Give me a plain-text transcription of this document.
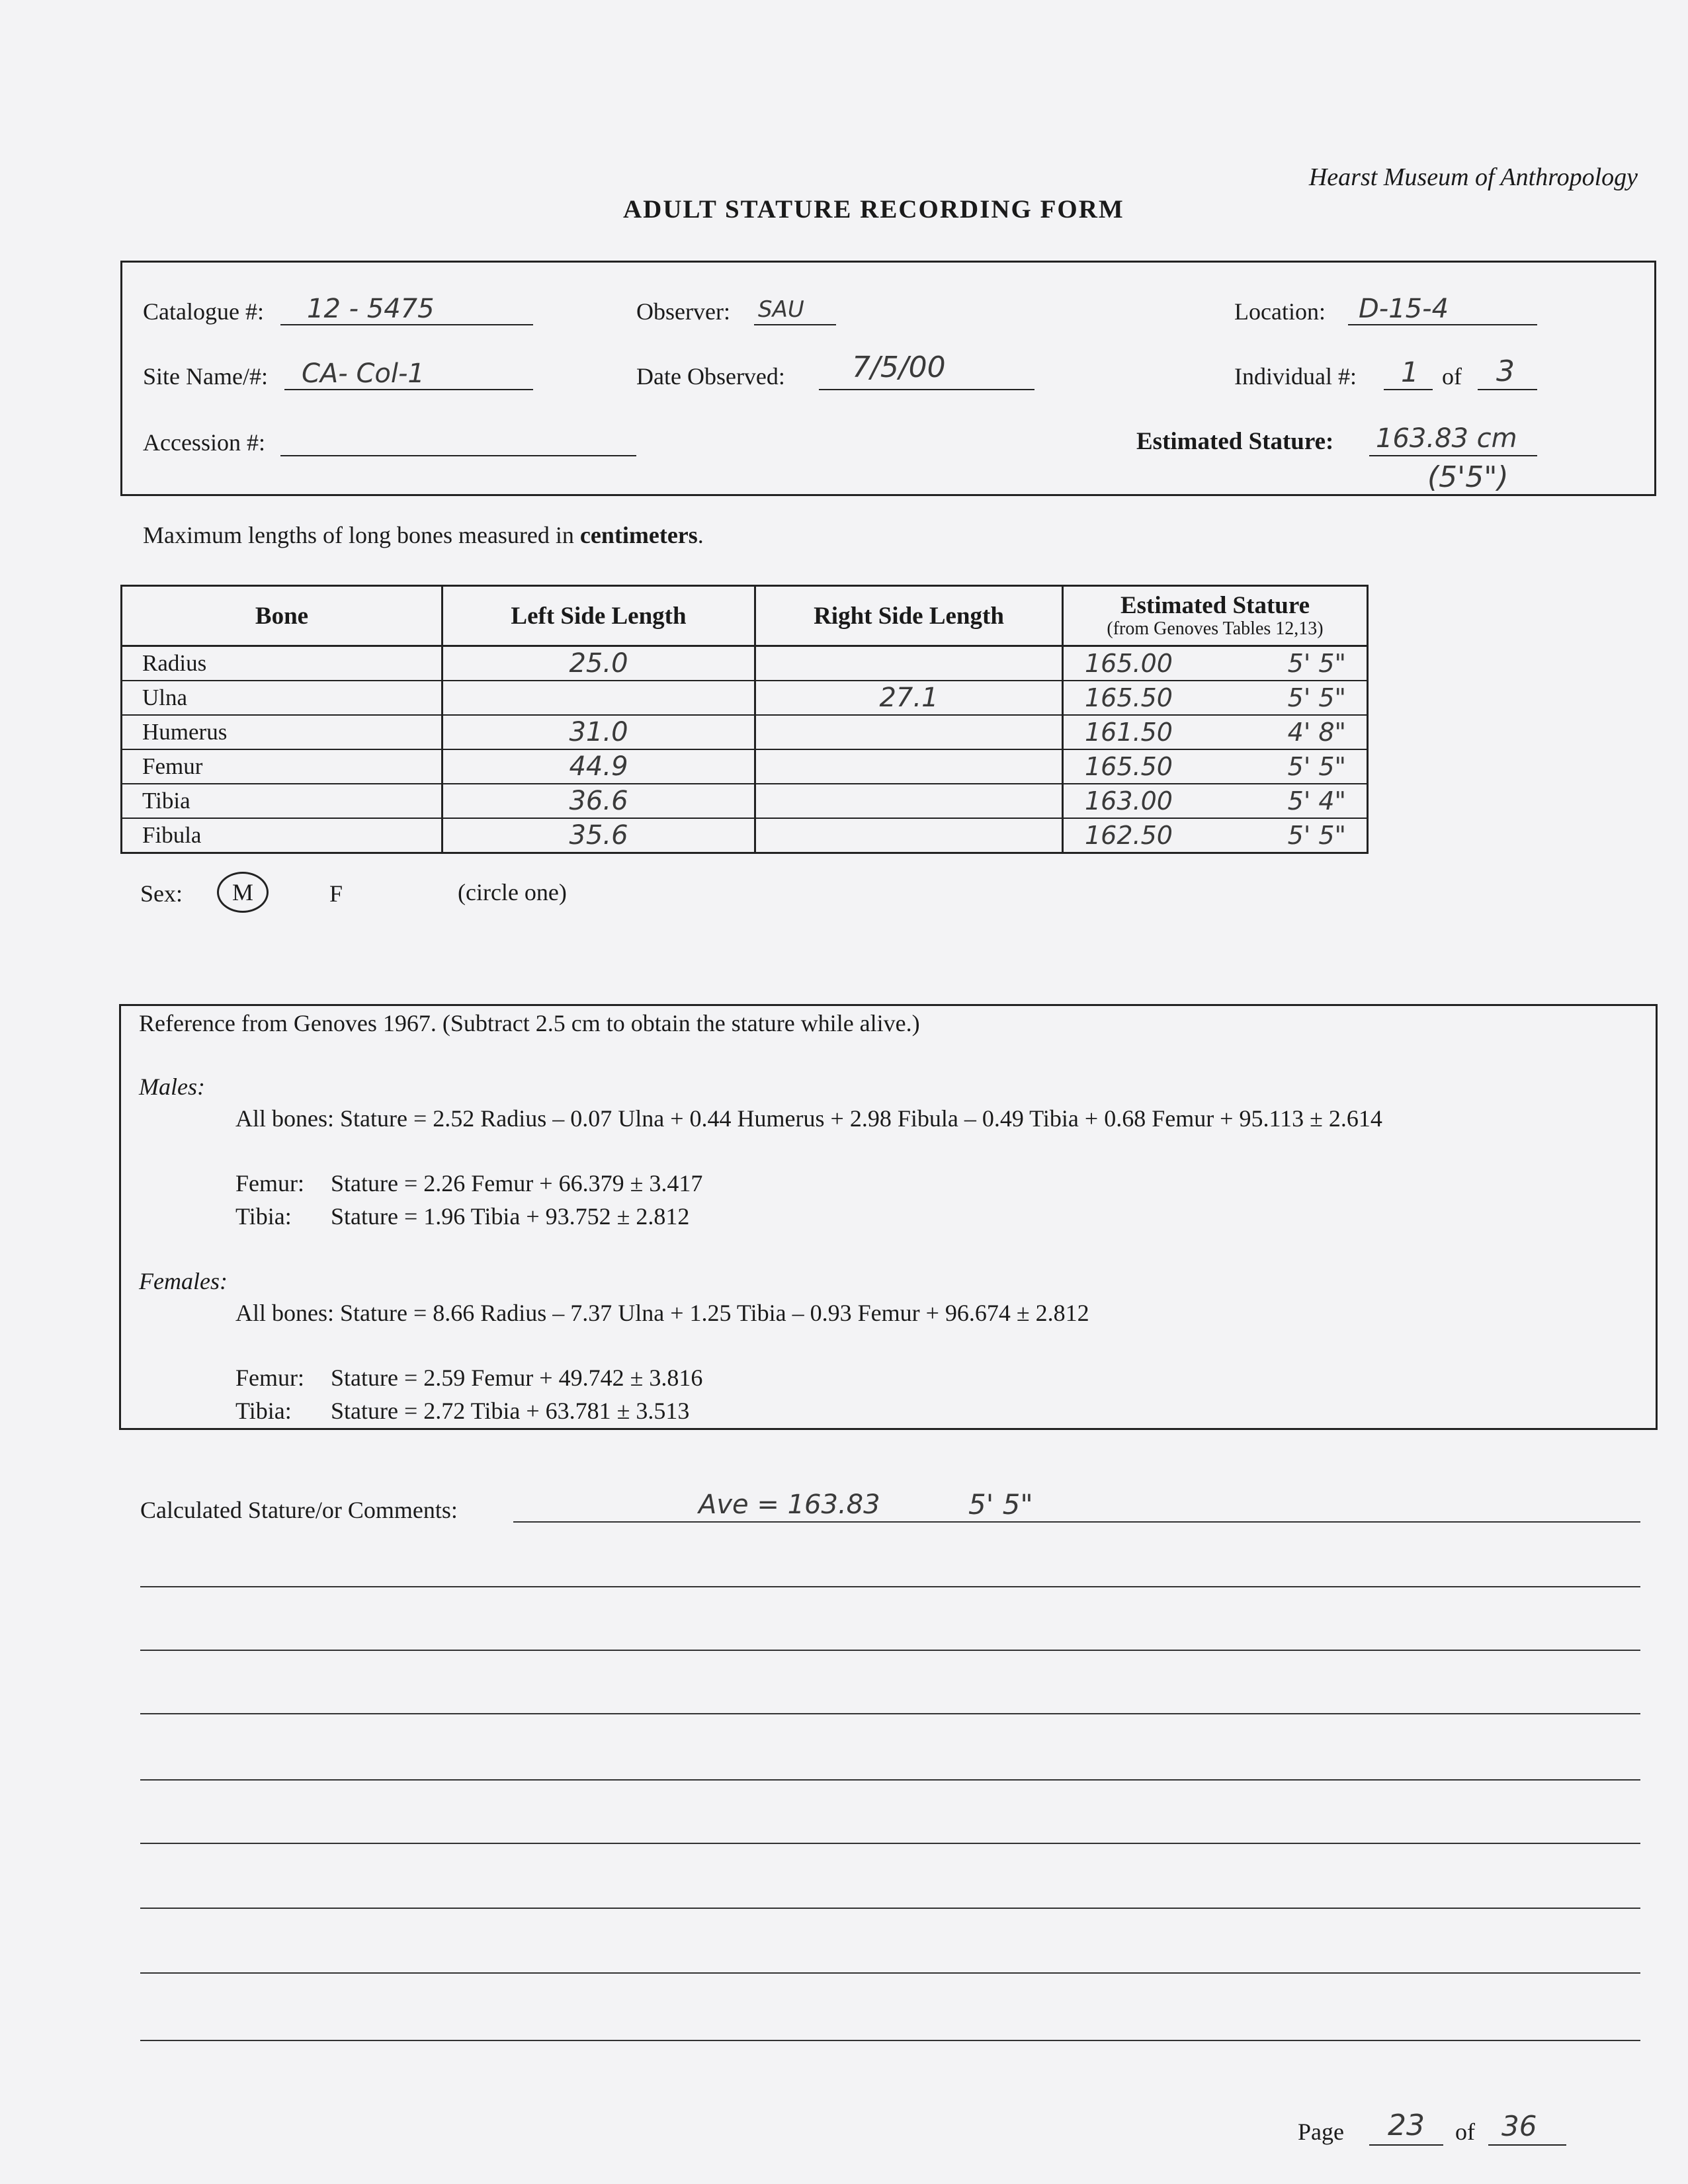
Hearst Museum of Anthropology
ADULT STATURE RECORDING FORM
Catalogue #: 12 - 5475	Observer: SAU	Location: D-15-4
Site Name/#: CA- Col-1	Date Observed: 7/5/00	Individual #: 1 of 3
Accession #:	Estimated Stature: 163.83 cm
(5'5")
Maximum lengths of long bones measured in centimeters.
Bone	Left Side Length	Right Side Length	Estimated Stature
(from Genoves Tables 12,13)

Radius	25.0		165.00 5' 5"
Ulna		27.1	165.50 5' 5"
Humerus	31.0		161.50 4' 8"
Femur	44.9		165.50 5' 5"
Tibia	36.6		163.00 5' 4"
Fibula	35.6		162.50 5' 5"
Sex:	M	F	(circle one)
Reference from Genoves 1967. (Subtract 2.5 cm to obtain the stature while alive.)
Males:
All bones: Stature = 2.52 Radius – 0.07 Ulna + 0.44 Humerus + 2.98 Fibula – 0.49 Tibia + 0.68 Femur + 95.113 ± 2.614
Femur: Stature = 2.26 Femur + 66.379 ± 3.417
Tibia: Stature = 1.96 Tibia + 93.752 ± 2.812
Females:
All bones: Stature = 8.66 Radius – 7.37 Ulna + 1.25 Tibia – 0.93 Femur + 96.674 ± 2.812
Femur: Stature = 2.59 Femur + 49.742 ± 3.816
Tibia: Stature = 2.72 Tibia + 63.781 ± 3.513
Calculated Stature/or Comments:	Ave = 163.83	5' 5"
Page 23 of 36
